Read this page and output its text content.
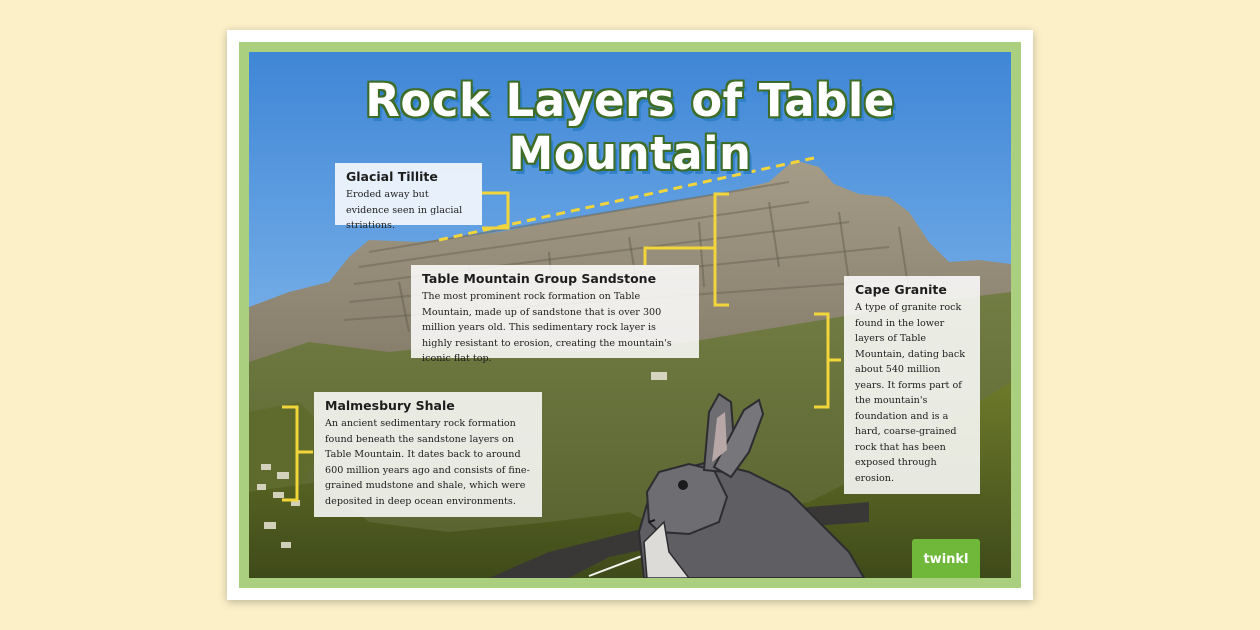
Rock Layers of Table Mountain
Glacial Tillite

Eroded away but evidence seen in glacial striations.

Table Mountain Group Sandstone

The most prominent rock formation on Table Mountain, made up of sandstone that is over 300 million years old. This sedimentary rock layer is highly resistant to erosion, creating the mountain's iconic flat top.

Cape Granite

A type of granite rock found in the lower layers of Table Mountain, dating back about 540 million years. It forms part of the mountain's foundation and is a hard, coarse-grained rock that has been exposed through erosion.

Malmesbury Shale

An ancient sedimentary rock formation found beneath the sandstone layers on Table Mountain. It dates back to around 600 million years ago and consists of fine-grained mudstone and shale, which were deposited in deep ocean environments.

twinkl
